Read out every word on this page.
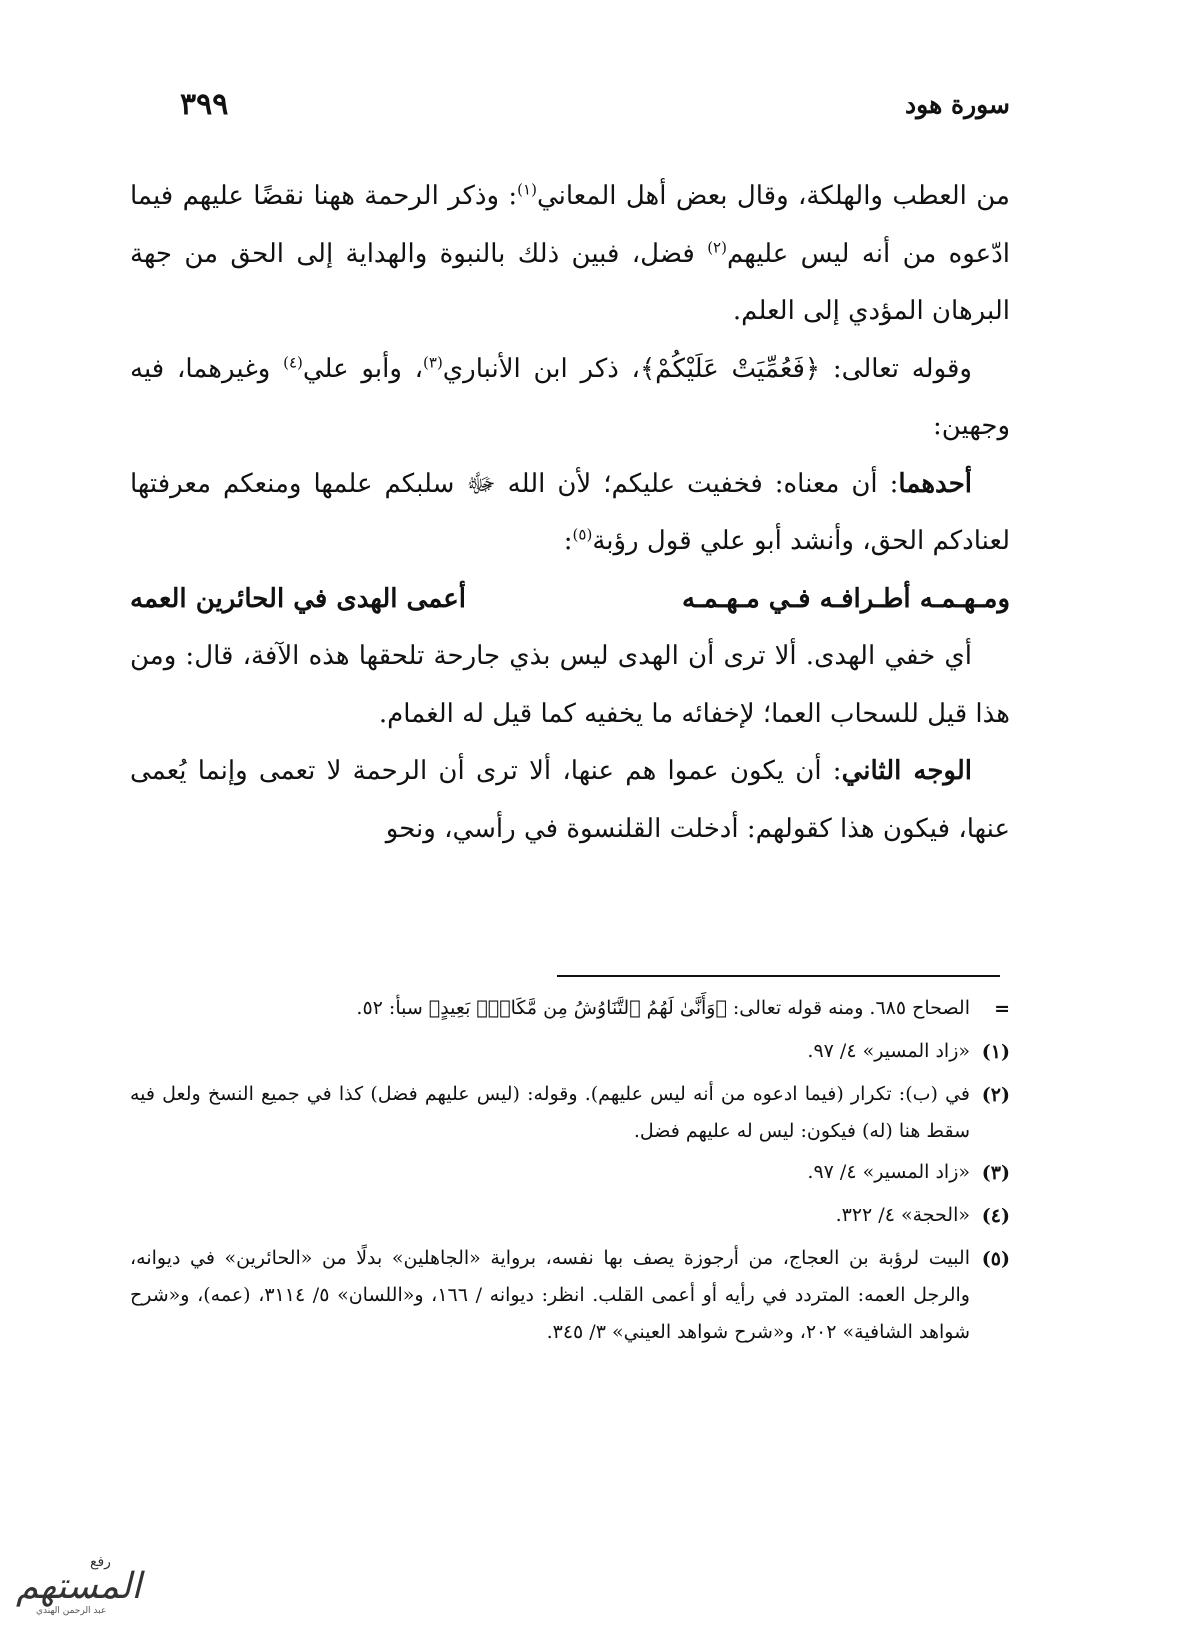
سورة هود
٣٩٩

من العطب والهلكة، وقال بعض أهل المعاني$^{(١)}$: وذكر الرحمة ههنا نقضًا عليهم فيما ادّعوه من أنه ليس عليهم$^{(٢)}$ فضل، فبين ذلك بالنبوة والهداية إلى الحق من جهة البرهان المؤدي إلى العلم.

وقوله تعالى: ﴿فَعُمِّيَتْ عَلَيْكُمْ﴾، ذكر ابن الأنباري$^{(٣)}$، وأبو علي$^{(٤)}$ وغيرهما، فيه وجهين:

أحدهما: أن معناه: فخفيت عليكم؛ لأن الله ﷻ سلبكم علمها ومنعكم معرفتها لعنادكم الحق، وأنشد أبو علي قول رؤبة$^{(٥)}$:

ومـهـمـه أطـرافـه فـي مـهـمـه
أعمى الهدى في الحائرين العمه

أي خفي الهدى. ألا ترى أن الهدى ليس بذي جارحة تلحقها هذه الآفة، قال: ومن هذا قيل للسحاب العما؛ لإخفائه ما يخفيه كما قيل له الغمام.

الوجه الثاني: أن يكون عموا هم عنها، ألا ترى أن الرحمة لا تعمى وإنما يُعمى عنها، فيكون هذا كقولهم: أدخلت القلنسوة في رأسي، ونحو

=
الصحاح ٦٨٥. ومنه قوله تعالى: ﴿وَأَنَّىٰ لَهُمُ ٱلتَّنَاوُشُ مِن مَّكَانِۭ بَعِيدٍ﴾ سبأ: ٥٢.
(١)
«زاد المسير» ٤/ ٩٧.
(٢)
في (ب): تكرار (فيما ادعوه من أنه ليس عليهم). وقوله: (ليس عليهم فضل) كذا في جميع النسخ ولعل فيه سقط هنا (له) فيكون: ليس له عليهم فضل.
(٣)
«زاد المسير» ٤/ ٩٧.
(٤)
«الحجة» ٤/ ٣٢٢.
(٥)
البيت لرؤبة بن العجاج، من أرجوزة يصف بها نفسه، برواية «الجاهلين» بدلًا من «الحائرين» في ديوانه، والرجل العمه: المتردد في رأيه أو أعمى القلب. انظر: ديوانه / ١٦٦، و«اللسان» ٥/ ٣١١٤، (عمه)، و«شرح شواهد الشافية» ٢٠٢، و«شرح شواهد العيني» ٣/ ٣٤٥.
رفع
المستهم
عبد الرحمن الهندي
